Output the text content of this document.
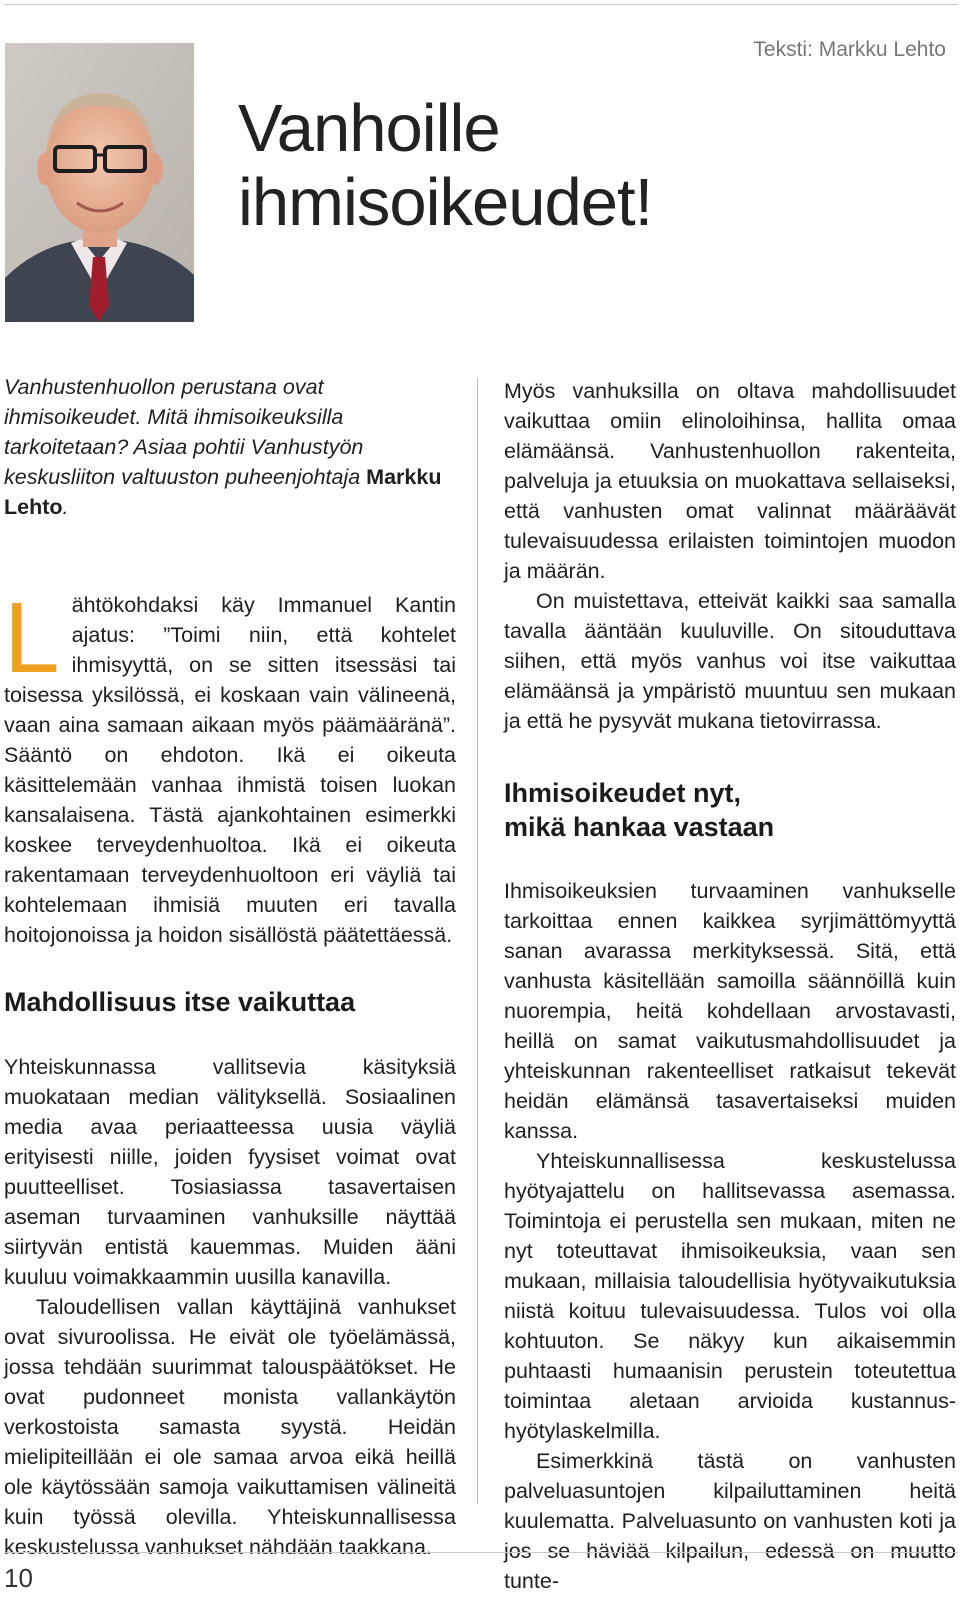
Teksti: Markku Lehto
Vanhoille
ihmisoikeudet!

Vanhustenhuollon perustana ovat ihmisoikeudet. Mitä ihmisoikeuksilla tarkoitetaan? Asiaa pohtii Vanhustyön keskusliiton valtuuston puheenjohtaja Markku Lehto.

Lähtökohdaksi käy Immanuel Kantin ajatus: ”Toimi niin, että kohtelet ihmisyyttä, on se sitten itsessäsi tai toisessa yksilössä, ei koskaan vain välineenä, vaan aina samaan aikaan myös päämääränä”. Sääntö on ehdoton. Ikä ei oikeuta käsittelemään vanhaa ihmistä toisen luokan kansalaisena. Tästä ajankohtainen esimerkki koskee terveydenhuoltoa. Ikä ei oikeuta rakentamaan terveydenhuoltoon eri väyliä tai kohtelemaan ihmisiä muuten eri tavalla hoitojonoissa ja hoidon sisällöstä päätettäessä.

Mahdollisuus itse vaikuttaa

Yhteiskunnassa vallitsevia käsityksiä muokataan median välityksellä. Sosiaalinen media avaa periaatteessa uusia väyliä erityisesti niille, joiden fyysiset voimat ovat puutteelliset. Tosiasiassa tasavertaisen aseman turvaaminen vanhuksille näyttää siirtyvän entistä kauemmas. Muiden ääni kuuluu voimakkaammin uusilla kanavilla.

Taloudellisen vallan käyttäjinä vanhukset ovat sivuroolissa. He eivät ole työelämässä, jossa tehdään suurimmat talouspäätökset. He ovat pudonneet monista vallankäytön verkostoista samasta syystä. Heidän mielipiteillään ei ole samaa arvoa eikä heillä ole käytössään samoja vaikuttamisen välineitä kuin työssä olevilla. Yhteiskunnallisessa keskustelussa vanhukset nähdään taakkana.

Myös vanhuksilla on oltava mahdollisuudet vaikuttaa omiin elinoloihinsa, hallita omaa elämäänsä. Vanhustenhuollon rakenteita, palveluja ja etuuksia on muokattava sellaiseksi, että vanhusten omat valinnat määräävät tulevaisuudessa erilaisten toimintojen muodon ja määrän.

On muistettava, etteivät kaikki saa samalla tavalla ääntään kuuluville. On sitouduttava siihen, että myös vanhus voi itse vaikuttaa elämäänsä ja ympäristö muuntuu sen mukaan ja että he pysyvät mukana tietovirrassa.

Ihmisoikeudet nyt,
mikä hankaa vastaan

Ihmisoikeuksien turvaaminen vanhukselle tarkoittaa ennen kaikkea syrjimättömyyttä sanan avarassa merkityksessä. Sitä, että vanhusta käsitellään samoilla säännöillä kuin nuorempia, heitä kohdellaan arvostavasti, heillä on samat vaikutusmahdollisuudet ja yhteiskunnan rakenteelliset ratkaisut tekevät heidän elämänsä tasavertaiseksi muiden kanssa.

Yhteiskunnallisessa keskustelussa hyötyajattelu on hallitsevassa asemassa. Toimintoja ei perustella sen mukaan, miten ne nyt toteuttavat ihmisoikeuksia, vaan sen mukaan, millaisia taloudellisia hyötyvaikutuksia niistä koituu tulevaisuudessa. Tulos voi olla kohtuuton. Se näkyy kun aikaisemmin puhtaasti humaanisin perustein toteutettua toimintaa aletaan arvioida kustannus-hyötylaskelmilla.

Esimerkkinä tästä on vanhusten palveluasuntojen kilpailuttaminen heitä kuulematta. Palveluasunto on vanhusten koti ja jos se häviää kilpailun, edessä on muutto tunte-

10
